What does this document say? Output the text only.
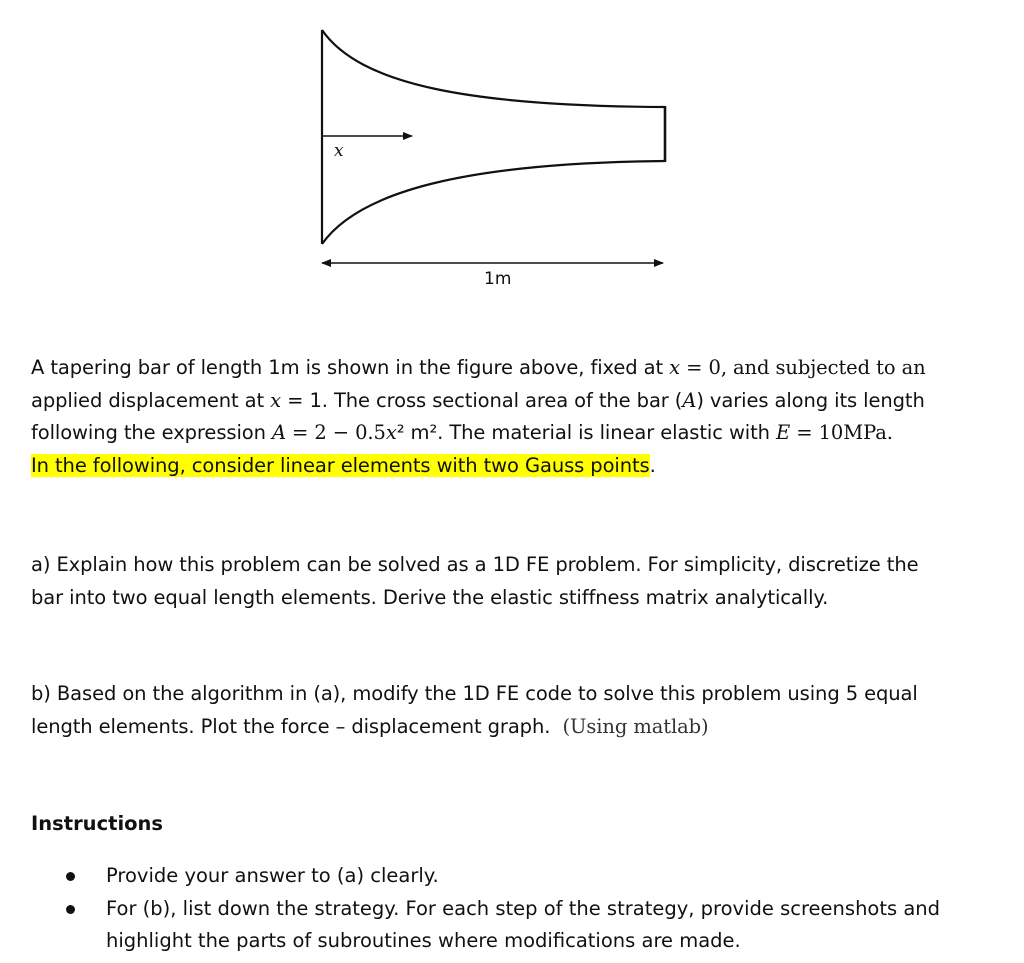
x
1m

A tapering bar of length 1m is shown in the figure above, fixed at x = 0, and subjected to an

applied displacement at x = 1. The cross sectional area of the bar (A) varies along its length

following the expression A = 2 − 0.5x² m². The material is linear elastic with E = 10MPa.

In the following, consider linear elements with two Gauss points.

a) Explain how this problem can be solved as a 1D FE problem. For simplicity, discretize the

bar into two equal length elements. Derive the elastic stiffness matrix analytically.

b) Based on the algorithm in (a), modify the 1D FE code to solve this problem using 5 equal

length elements. Plot the force – displacement graph. (Using matlab)

Instructions

Provide your answer to (a) clearly.
For (b), list down the strategy. For each step of the strategy, provide screenshots and
highlight the parts of subroutines where modifications are made.
